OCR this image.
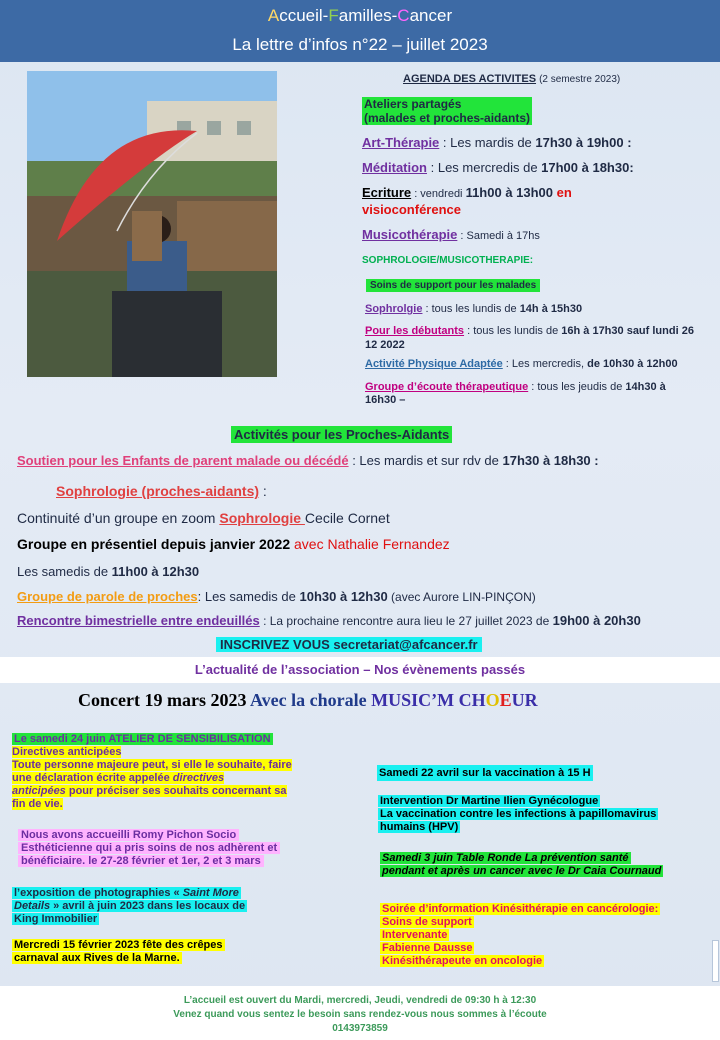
Accueil-Familles-Cancer
La lettre d’infos n°22 – juillet 2023
AGENDA DES ACTIVITES (2 semestre 2023)
Ateliers partagés
(malades et proches-aidants)
Art-Thérapie : Les mardis de 17h30 à 19h00 :
Méditation : Les mercredis de 17h00 à 18h30:
Ecriture : vendredi 11h00 à 13h00 en
visioconférence
Musicothérapie : Samedi à 17hs
SOPHROLOGIE/MUSICOTHERAPIE:
Soins de support pour les malades
Sophrolgie : tous les lundis de 14h à 15h30
Pour les débutants : tous les lundis de 16h à 17h30 sauf lundi 26
12 2022
Activité Physique Adaptée : Les mercredis, de 10h30 à 12h00
Groupe d’écoute thérapeutique : tous les jeudis de 14h30 à
16h30 –
Activités pour les Proches-Aidants
Soutien pour les Enfants de parent malade ou décédé : Les mardis et sur rdv de 17h30 à 18h30 :
Sophrologie (proches-aidants) :
Continuité d’un groupe en zoom Sophrologie Cecile Cornet
Groupe en présentiel depuis janvier 2022 avec Nathalie Fernandez
Les samedis de 11h00 à 12h30
Groupe de parole de proches: Les samedis de 10h30 à 12h30 (avec Aurore LIN-PINÇON)
Rencontre bimestrielle entre endeuillés : La prochaine rencontre aura lieu le 27 juillet 2023 de 19h00 à 20h30
INSCRIVEZ VOUS secretariat@afcancer.fr
L’actualité de l’association – Nos évènements passés
Concert 19 mars 2023 Avec la chorale MUSIC’M CHOEUR
Le samedi 24 juin ATELIER DE SENSIBILISATION
Directives anticipées
Toute personne majeure peut, si elle le souhaite, faire
une déclaration écrite appelée directives
anticipées pour préciser ses souhaits concernant sa
fin de vie.
Nous avons accueilli Romy Pichon Socio
Esthéticienne qui a pris soins de nos adhèrent et
bénéficiaire. le 27-28 février et 1er, 2 et 3 mars
l’exposition de photographies « Saint More
Details » avril à juin 2023 dans les locaux de
King Immobilier
Mercredi 15 février 2023 fête des crêpes
carnaval aux Rives de la Marne.
Samedi 22 avril sur la vaccination à 15 H
Intervention Dr Martine Ilien Gynécologue
La vaccination contre les infections à papillomavirus
humains (HPV)
Samedi 3 juin Table Ronde La prévention santé
pendant et après un cancer avec le Dr Caia Cournaud
Soirée d’information Kinésithérapie en cancérologie:
Soins de support
Intervenante
Fabienne Dausse
Kinésithérapeute en oncologie
L’accueil est ouvert du Mardi, mercredi, Jeudi, vendredi de 09:30 h à 12:30
Venez quand vous sentez le besoin sans rendez-vous nous sommes à l’écoute
0143973859
